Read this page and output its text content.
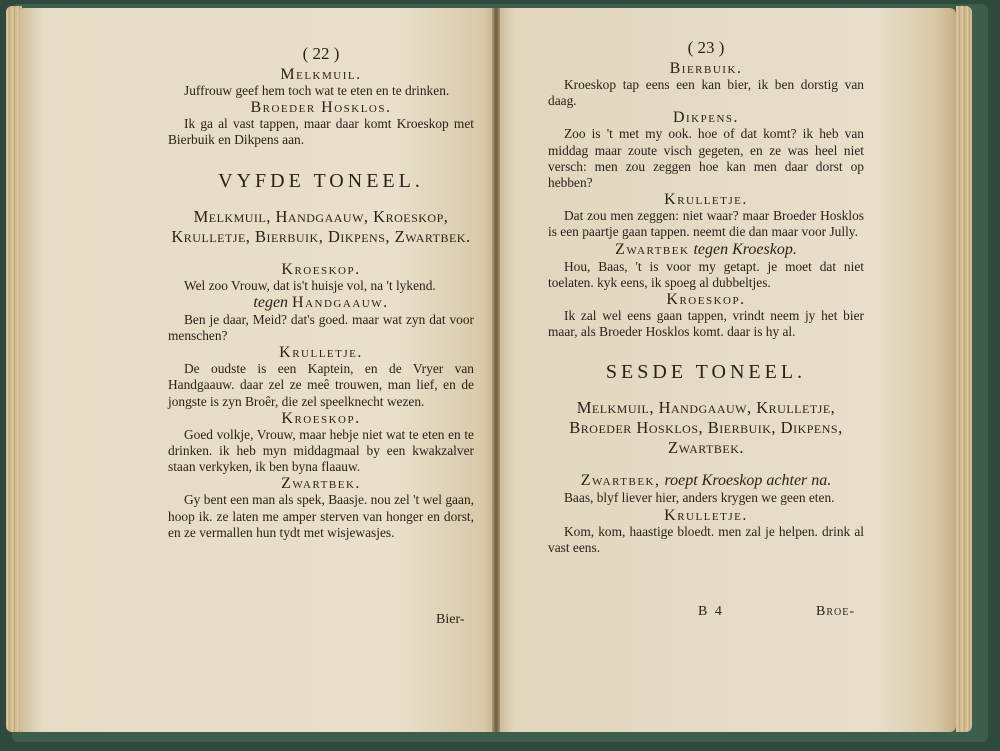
( 22 )
Melkmuil.
Juffrouw geef hem toch wat te eten en te drinken.
Broeder Hosklos.
Ik ga al vast tappen, maar daar komt Kroeskop met Bierbuik en Dikpens aan.
VYFDE TONEEL.
Melkmuil, Handgaauw, Kroeskop, Krulletje, Bierbuik, Dikpens, Zwartbek.
Kroeskop.
Wel zoo Vrouw, dat is't huisje vol, na 't lykend.
tegen Handgaauw.
Ben je daar, Meid? dat's goed. maar wat zyn dat voor menschen?
Krulletje.
De oudste is een Kaptein, en de Vryer van Handgaauw. daar zel ze meê trouwen, man lief, en de jongste is zyn Broêr, die zel speelknecht wezen.
Kroeskop.
Goed volkje, Vrouw, maar hebje niet wat te eten en te drinken. ik heb myn middagmaal by een kwakzalver staan verkyken, ik ben byna flaauw.
Zwartbek.
Gy bent een man als spek, Baasje. nou zel 't wel gaan, hoop ik. ze laten me amper sterven van honger en dorst, en ze vermallen hun tydt met wisjewasjes.
Bier-
( 23 )
Bierbuik.
Kroeskop tap eens een kan bier, ik ben dorstig van daag.
Dikpens.
Zoo is 't met my ook. hoe of dat komt? ik heb van middag maar zoute visch gegeten, en ze was heel niet versch: men zou zeggen hoe kan men daar dorst op hebben?
Krulletje.
Dat zou men zeggen: niet waar? maar Broeder Hosklos is een paartje gaan tappen. neemt die dan maar voor Jully.
Zwartbek tegen Kroeskop.
Hou, Baas, 't is voor my getapt. je moet dat niet toelaten. kyk eens, ik spoeg al dubbeltjes.
Kroeskop.
Ik zal wel eens gaan tappen, vrindt neem jy het bier maar, als Broeder Hosklos komt. daar is hy al.
SESDE TONEEL.
Melkmuil, Handgaauw, Krulletje, Broeder Hosklos, Bierbuik, Dikpens, Zwartbek.
Zwartbek, roept Kroeskop achter na.
Baas, blyf liever hier, anders krygen we geen eten.
Krulletje.
Kom, kom, haastige bloedt. men zal je helpen. drink al vast eens.
B 4	Broe-
